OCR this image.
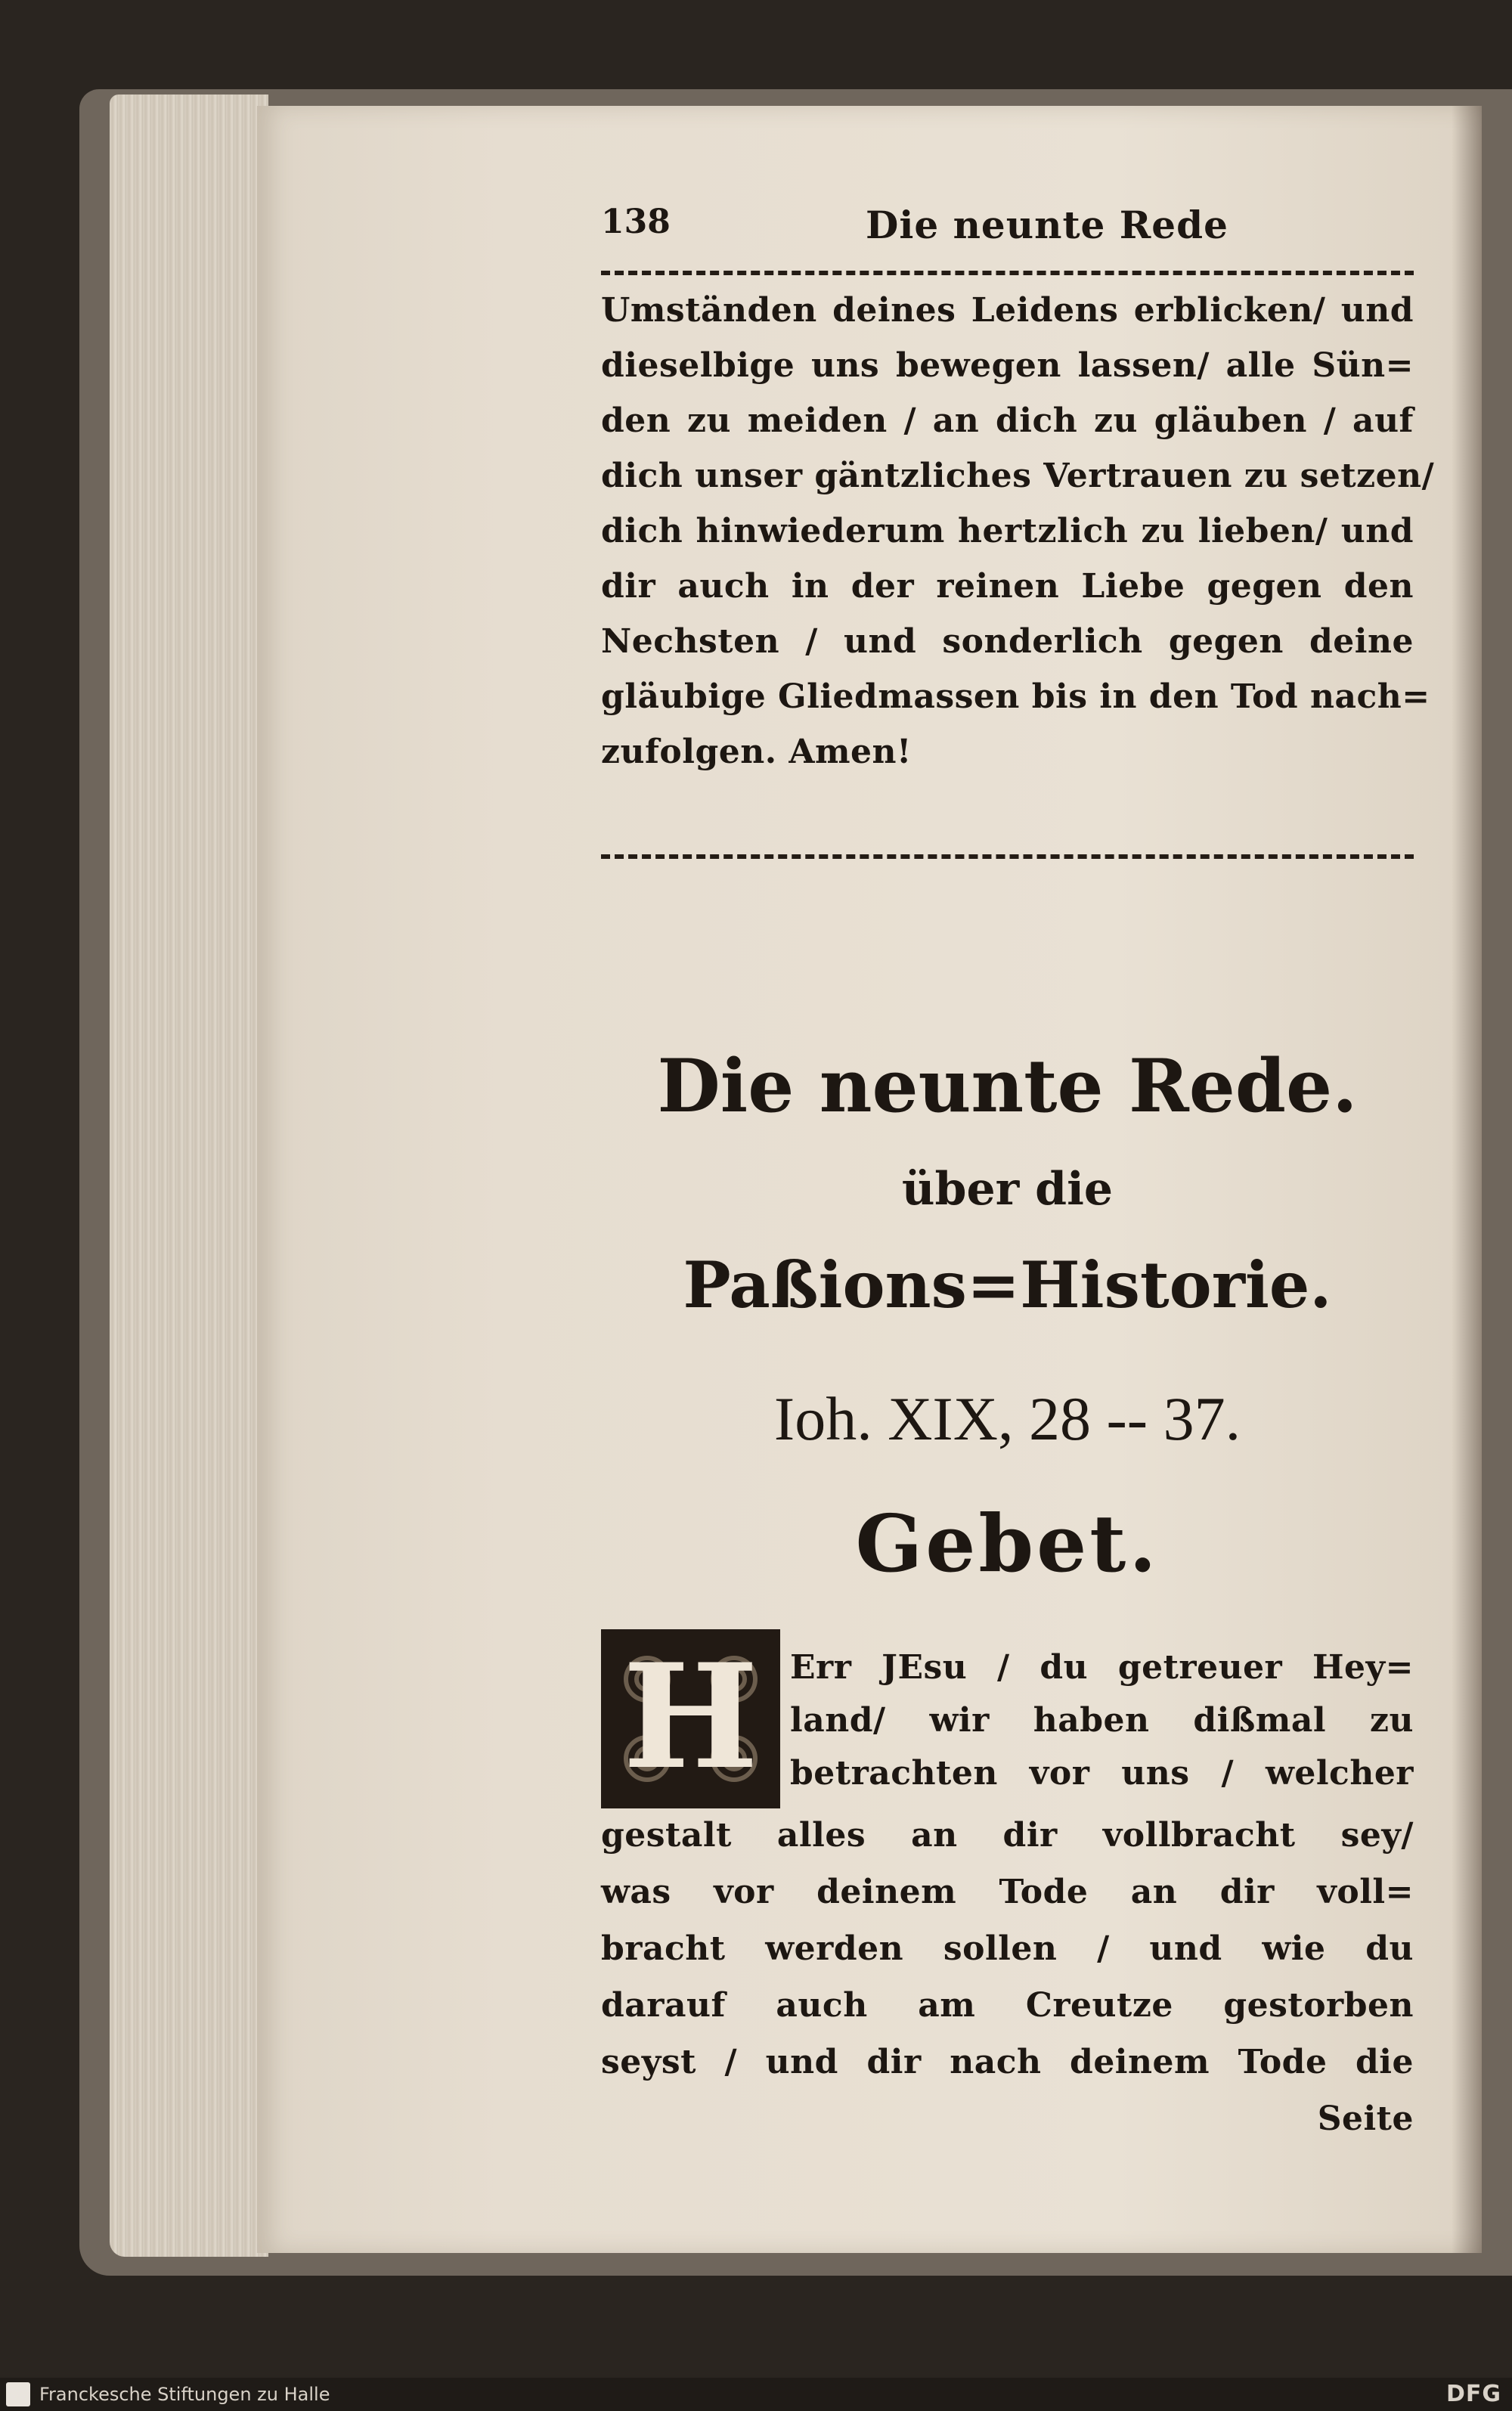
138	Die neunte Rede
Umständen deines Leidens erblicken/ und
dieselbige uns bewegen lassen/ alle Sün=
den zu meiden / an dich zu gläuben / auf
dich unser gäntzliches Vertrauen zu setzen/
dich hinwiederum hertzlich zu lieben/ und
dir auch in der reinen Liebe gegen den
Nechsten / und sonderlich gegen deine
gläubige Gliedmassen bis in den Tod nach=
zufolgen. Amen!
Die neunte Rede.
über die
Paßions=Historie.
Ioh. XIX, 28 -- 37.
Gebet.
H Err JEsu / du getreuer Hey=
land/ wir haben dißmal zu
betrachten vor uns / welcher
gestalt alles an dir vollbracht sey/
was vor deinem Tode an dir voll=
bracht werden sollen / und wie du
darauf auch am Creutze gestorben
seyst / und dir nach deinem Tode die
Seite
Franckesche Stiftungen zu Halle	DFG
